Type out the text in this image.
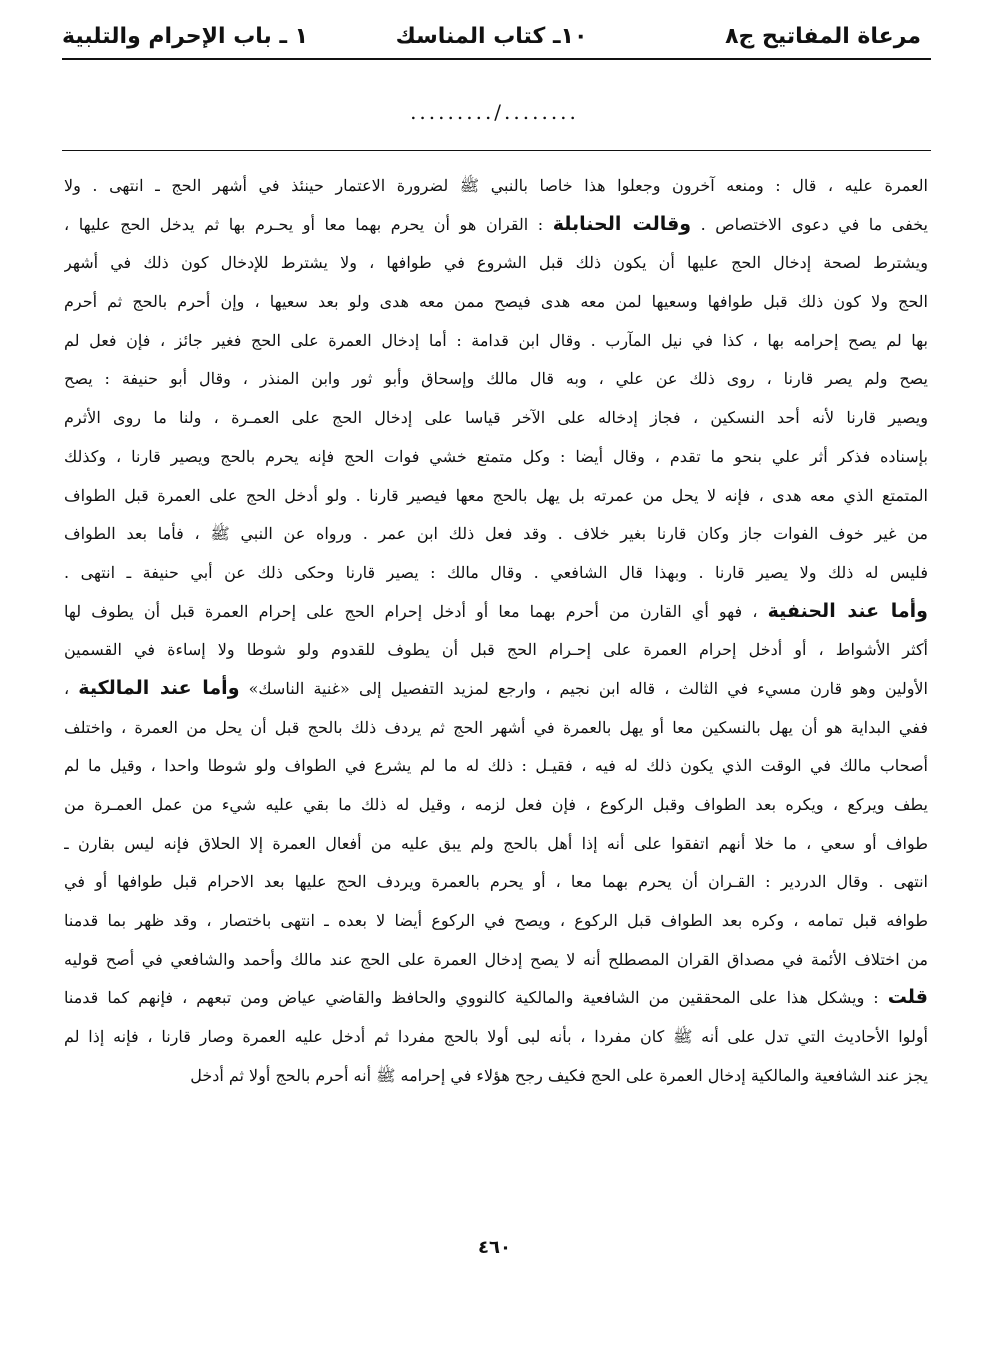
مرعاة المفاتيح ج٨
١٠ـ كتاب المناسك
١ ـ باب الإحرام والتلبية
........./........
العمرة عليه ، قال : ومنعه آخرون وجعلوا هذا خاصا بالنبي ﷺ لضرورة الاعتمار حينئذ في أشهر الحج ـ انتهى . ولا
يخفى ما في دعوى الاختصاص . وقالت الحنابلة : القران هو أن يحرم بهما معا أو يحـرم بها ثم يدخل الحج عليها ،
ويشترط لصحة إدخال الحج عليها أن يكون ذلك قبل الشروع في طوافها ، ولا يشترط للإدخال كون ذلك في أشهر
الحج ولا كون ذلك قبل طوافها وسعيها لمن معه هدى فيصح ممن معه هدى ولو بعد سعيها ، وإن أحرم بالحج ثم أحرم
بها لم يصح إحرامه بها ، كذا في نيل المآرب . وقال ابن قدامة : أما إدخال العمرة على الحج فغير جائز ، فإن فعل لم
يصح ولم يصر قارنا ، روى ذلك عن علي ، وبه قال مالك وإسحاق وأبو ثور وابن المنذر ، وقال أبو حنيفة : يصح
ويصير قارنا لأنه أحد النسكين ، فجاز إدخاله على الآخر قياسا على إدخال الحج على العمـرة ، ولنا ما روى الأثرم
بإسناده فذكر أثر علي بنحو ما تقدم ، وقال أيضا : وكل متمتع خشي فوات الحج فإنه يحرم بالحج ويصير قارنا ، وكذلك
المتمتع الذي معه هدى ، فإنه لا يحل من عمرته بل يهل بالحج معها فيصير قارنا . ولو أدخل الحج على العمرة قبل الطواف
من غير خوف الفوات جاز وكان قارنا بغير خلاف . وقد فعل ذلك ابن عمر . ورواه عن النبي ﷺ ، فأما بعد الطواف
فليس له ذلك ولا يصير قارنا . وبهذا قال الشافعي . وقال مالك : يصير قارنا وحكى ذلك عن أبي حنيفة ـ انتهى .
وأما عند الحنفية ، فهو أي القارن من أحرم بهما معا أو أدخل إحرام الحج على إحرام العمرة قبل أن يطوف لها
أكثر الأشواط ، أو أدخل إحرام العمرة على إحـرام الحج قبل أن يطوف للقدوم ولو شوطا ولا إساءة في القسمين
الأولين وهو قارن مسيء في الثالث ، قاله ابن نجيم ، وارجع لمزيد التفصيل إلى «غنية الناسك» وأما عند المالكية ،
ففي البداية هو أن يهل بالنسكين معا أو يهل بالعمرة في أشهر الحج ثم يردف ذلك بالحج قبل أن يحل من العمرة ، واختلف
أصحاب مالك في الوقت الذي يكون ذلك له فيه ، فقيـل : ذلك له ما لم يشرع في الطواف ولو شوطا واحدا ، وقيل ما لم
يطف ويركع ، ويكره بعد الطواف وقبل الركوع ، فإن فعل لزمه ، وقيل له ذلك ما بقي عليه شيء من عمل العمـرة من
طواف أو سعي ، ما خلا أنهم اتفقوا على أنه إذا أهل بالحج ولم يبق عليه من أفعال العمرة إلا الحلاق فإنه ليس بقارن ـ
انتهى . وقال الدردير : القـران أن يحرم بهما معا ، أو يحرم بالعمرة ويردف الحج عليها بعد الاحرام قبل طوافها أو في
طوافه قبل تمامه ، وكره بعد الطواف قبل الركوع ، ويصح في الركوع أيضا لا بعده ـ انتهى باختصار ، وقد ظهر بما قدمنا
من اختلاف الأئمة في مصداق القران المصطلح أنه لا يصح إدخال العمرة على الحج عند مالك وأحمد والشافعي في أصح قوليه
قلت : ويشكل هذا على المحققين من الشافعية والمالكية كالنووي والحافظ والقاضي عياض ومن تبعهم ، فإنهم كما قدمنا
أولوا الأحاديث التي تدل على أنه ﷺ كان مفردا ، بأنه لبى أولا بالحج مفردا ثم أدخل عليه العمرة وصار قارنا ، فإنه إذا لم
يجز عند الشافعية والمالكية إدخال العمرة على الحج فكيف رجح هؤلاء في إحرامه ﷺ أنه أحرم بالحج أولا ثم أدخل
٤٦٠
